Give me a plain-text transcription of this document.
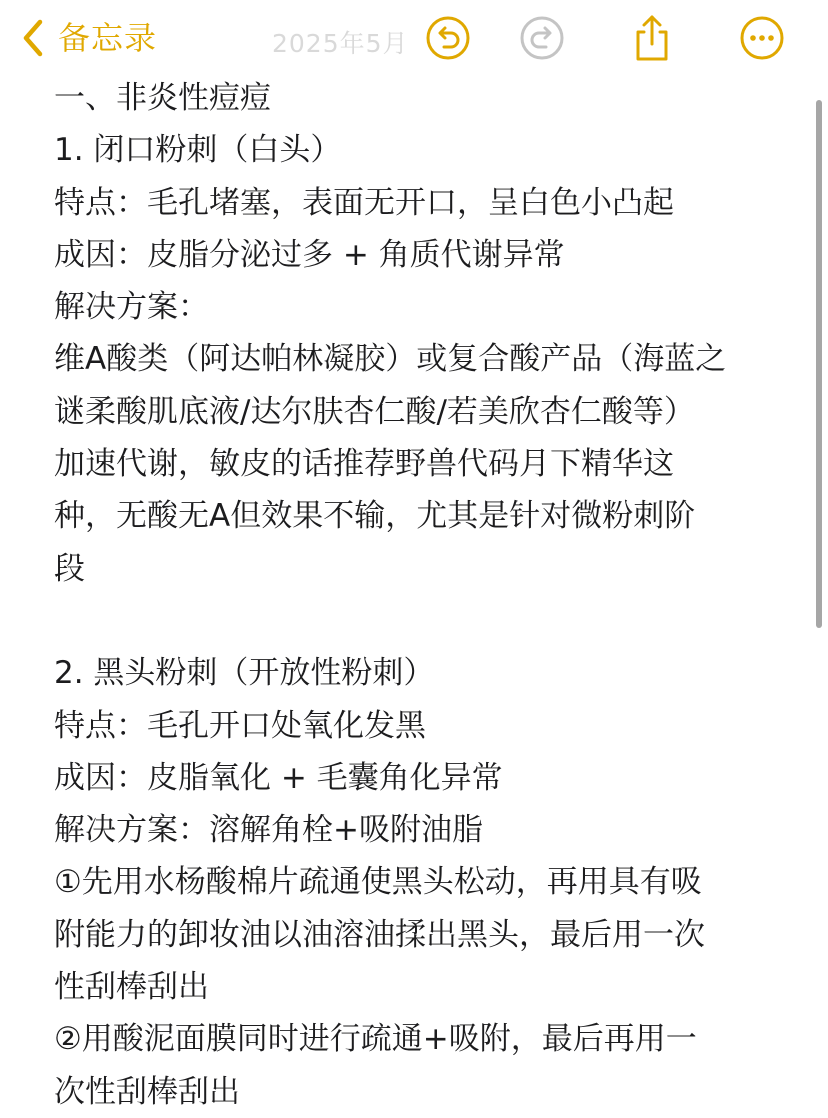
备忘录	2025年5月
一、非炎性痘痘
1. 闭口粉刺（白头）
特点：毛孔堵塞，表面无开口，呈白色小凸起
成因：皮脂分泌过多 + 角质代谢异常
解决方案：
维A酸类（阿达帕林凝胶）或复合酸产品（海蓝之
谜柔酸肌底液/达尔肤杏仁酸/若美欣杏仁酸等）
加速代谢，敏皮的话推荐野兽代码月下精华这
种，无酸无A但效果不输，尤其是针对微粉刺阶
段
2. 黑头粉刺（开放性粉刺）
特点：毛孔开口处氧化发黑
成因：皮脂氧化 + 毛囊角化异常
解决方案：溶解角栓+吸附油脂
①先用水杨酸棉片疏通使黑头松动，再用具有吸
附能力的卸妆油以油溶油揉出黑头，最后用一次
性刮棒刮出
②用酸泥面膜同时进行疏通+吸附，最后再用一
次性刮棒刮出
